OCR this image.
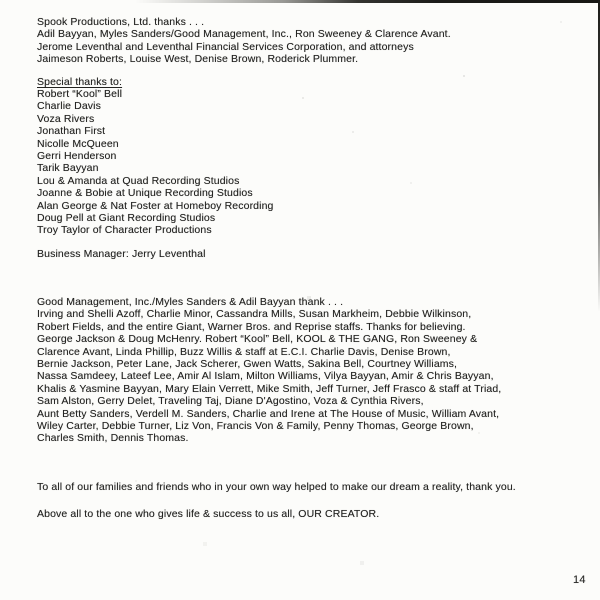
Spook Productions, Ltd. thanks . . .
Adil Bayyan, Myles Sanders/Good Management, Inc., Ron Sweeney & Clarence Avant.
Jerome Leventhal and Leventhal Financial Services Corporation, and attorneys
Jaimeson Roberts, Louise West, Denise Brown, Roderick Plummer.
Special thanks to:
Robert “Kool” Bell
Charlie Davis
Voza Rivers
Jonathan First
Nicolle McQueen
Gerri Henderson
Tarik Bayyan
Lou & Amanda at Quad Recording Studios
Joanne & Bobie at Unique Recording Studios
Alan George & Nat Foster at Homeboy Recording
Doug Pell at Giant Recording Studios
Troy Taylor of Character Productions
Business Manager: Jerry Leventhal
Good Management, Inc./Myles Sanders & Adil Bayyan thank . . .
Irving and Shelli Azoff, Charlie Minor, Cassandra Mills, Susan Markheim, Debbie Wilkinson,
Robert Fields, and the entire Giant, Warner Bros. and Reprise staffs. Thanks for believing.
George Jackson & Doug McHenry. Robert “Kool” Bell, KOOL & THE GANG, Ron Sweeney &
Clarence Avant, Linda Phillip, Buzz Willis & staff at E.C.I. Charlie Davis, Denise Brown,
Bernie Jackson, Peter Lane, Jack Scherer, Gwen Watts, Sakina Bell, Courtney Williams,
Nassa Samdeey, Lateef Lee, Amir Al Islam, Milton Williams, Vilya Bayyan, Amir & Chris Bayyan,
Khalis & Yasmine Bayyan, Mary Elain Verrett, Mike Smith, Jeff Turner, Jeff Frasco & staff at Triad,
Sam Alston, Gerry Delet, Traveling Taj, Diane D'Agostino, Voza & Cynthia Rivers,
Aunt Betty Sanders, Verdell M. Sanders, Charlie and Irene at The House of Music, William Avant,
Wiley Carter, Debbie Turner, Liz Von, Francis Von & Family, Penny Thomas, George Brown,
Charles Smith, Dennis Thomas.
To all of our families and friends who in your own way helped to make our dream a reality, thank you.
Above all to the one who gives life & success to us all, OUR CREATOR.
14
